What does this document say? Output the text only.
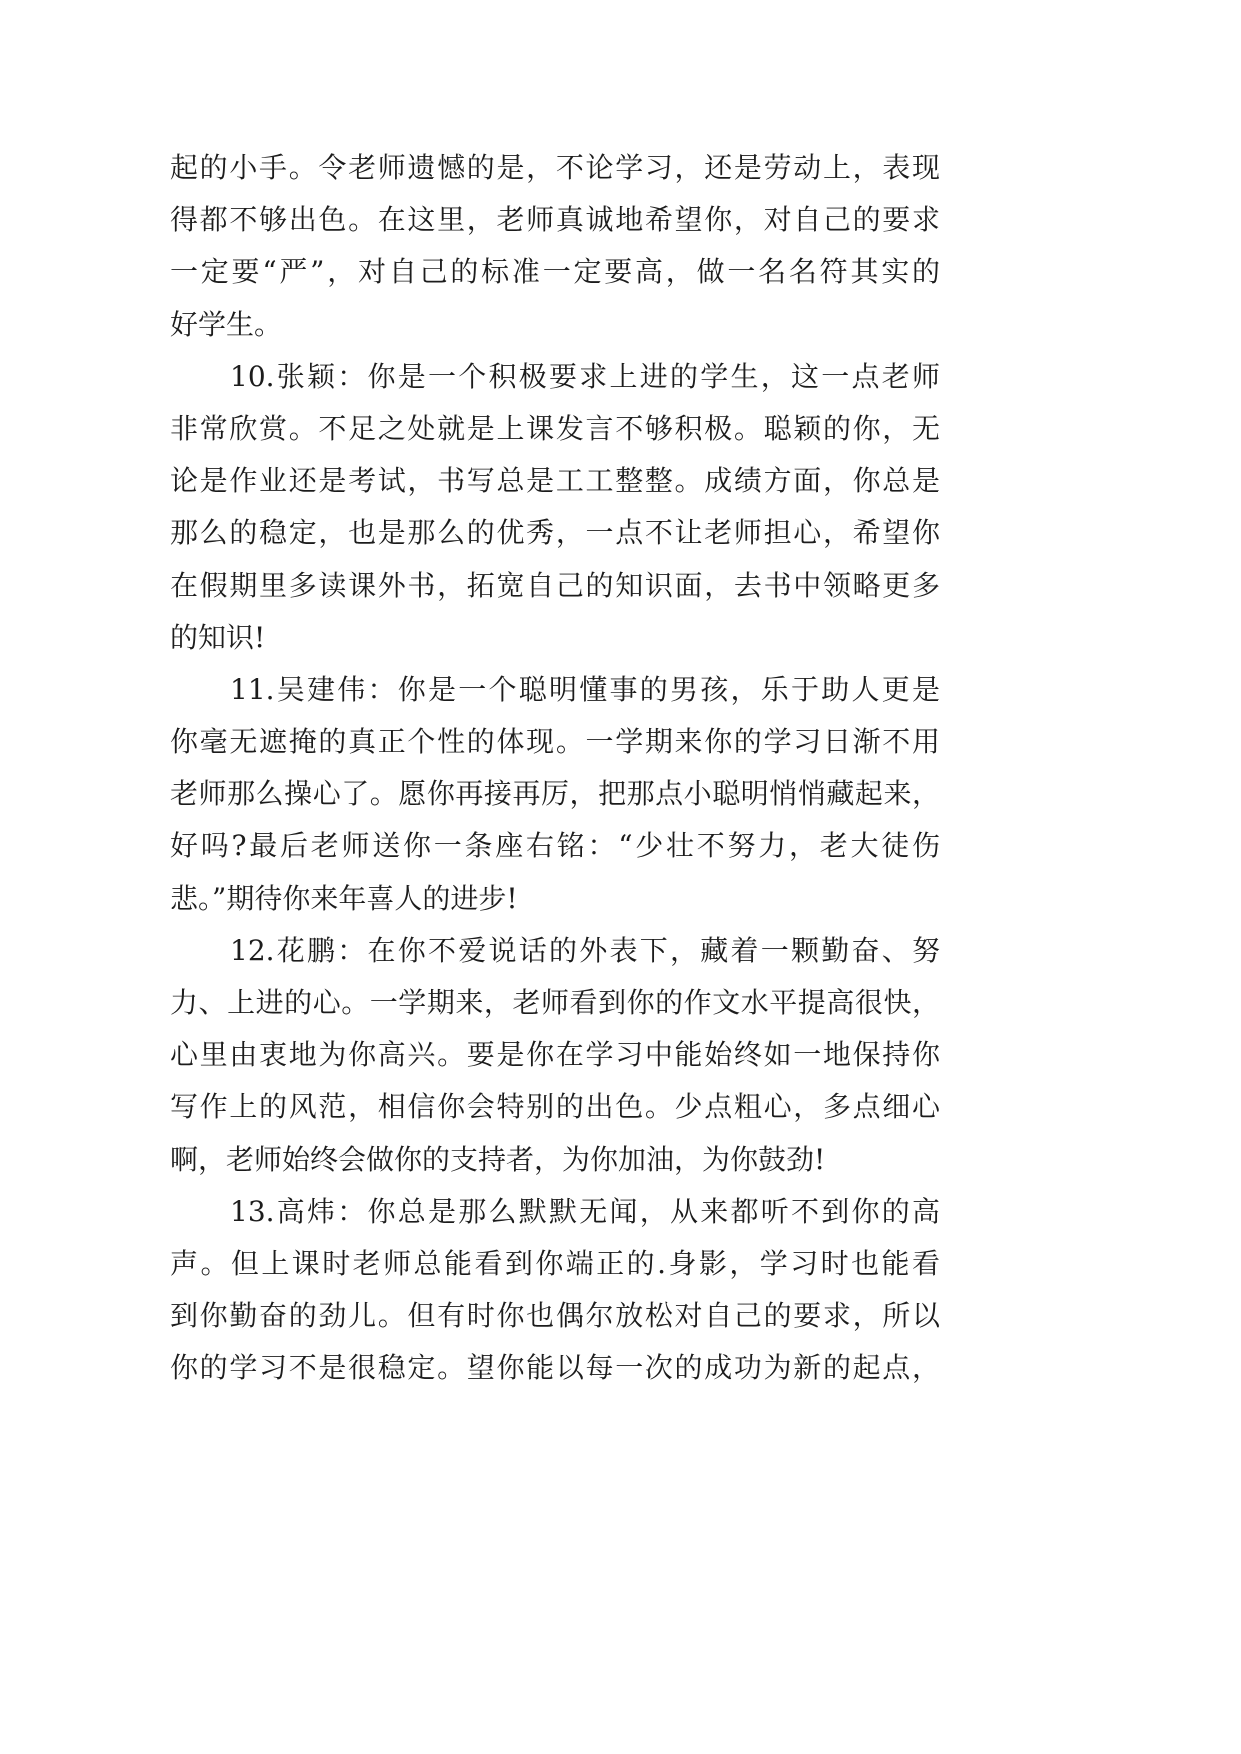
起的小手。令老师遗憾的是，不论学习，还是劳动上，表现
得都不够出色。在这里，老师真诚地希望你，对自己的要求
一定要“严”，对自己的标准一定要高，做一名名符其实的
好学生。
10.张颖：你是一个积极要求上进的学生，这一点老师
非常欣赏。不足之处就是上课发言不够积极。聪颖的你，无
论是作业还是考试，书写总是工工整整。成绩方面，你总是
那么的稳定，也是那么的优秀，一点不让老师担心，希望你
在假期里多读课外书，拓宽自己的知识面，去书中领略更多
的知识!
11.吴建伟：你是一个聪明懂事的男孩，乐于助人更是
你毫无遮掩的真正个性的体现。一学期来你的学习日渐不用
老师那么操心了。愿你再接再厉，把那点小聪明悄悄藏起来，
好吗?最后老师送你一条座右铭：“少壮不努力，老大徒伤
悲。”期待你来年喜人的进步!
12.花鹏：在你不爱说话的外表下，藏着一颗勤奋、努
力、上进的心。一学期来，老师看到你的作文水平提高很快，
心里由衷地为你高兴。要是你在学习中能始终如一地保持你
写作上的风范，相信你会特别的出色。少点粗心，多点细心
啊，老师始终会做你的支持者，为你加油，为你鼓劲!
13.高炜：你总是那么默默无闻，从来都听不到你的高
声。但上课时老师总能看到你端正的.身影，学习时也能看
到你勤奋的劲儿。但有时你也偶尔放松对自己的要求，所以
你的学习不是很稳定。望你能以每一次的成功为新的起点，
